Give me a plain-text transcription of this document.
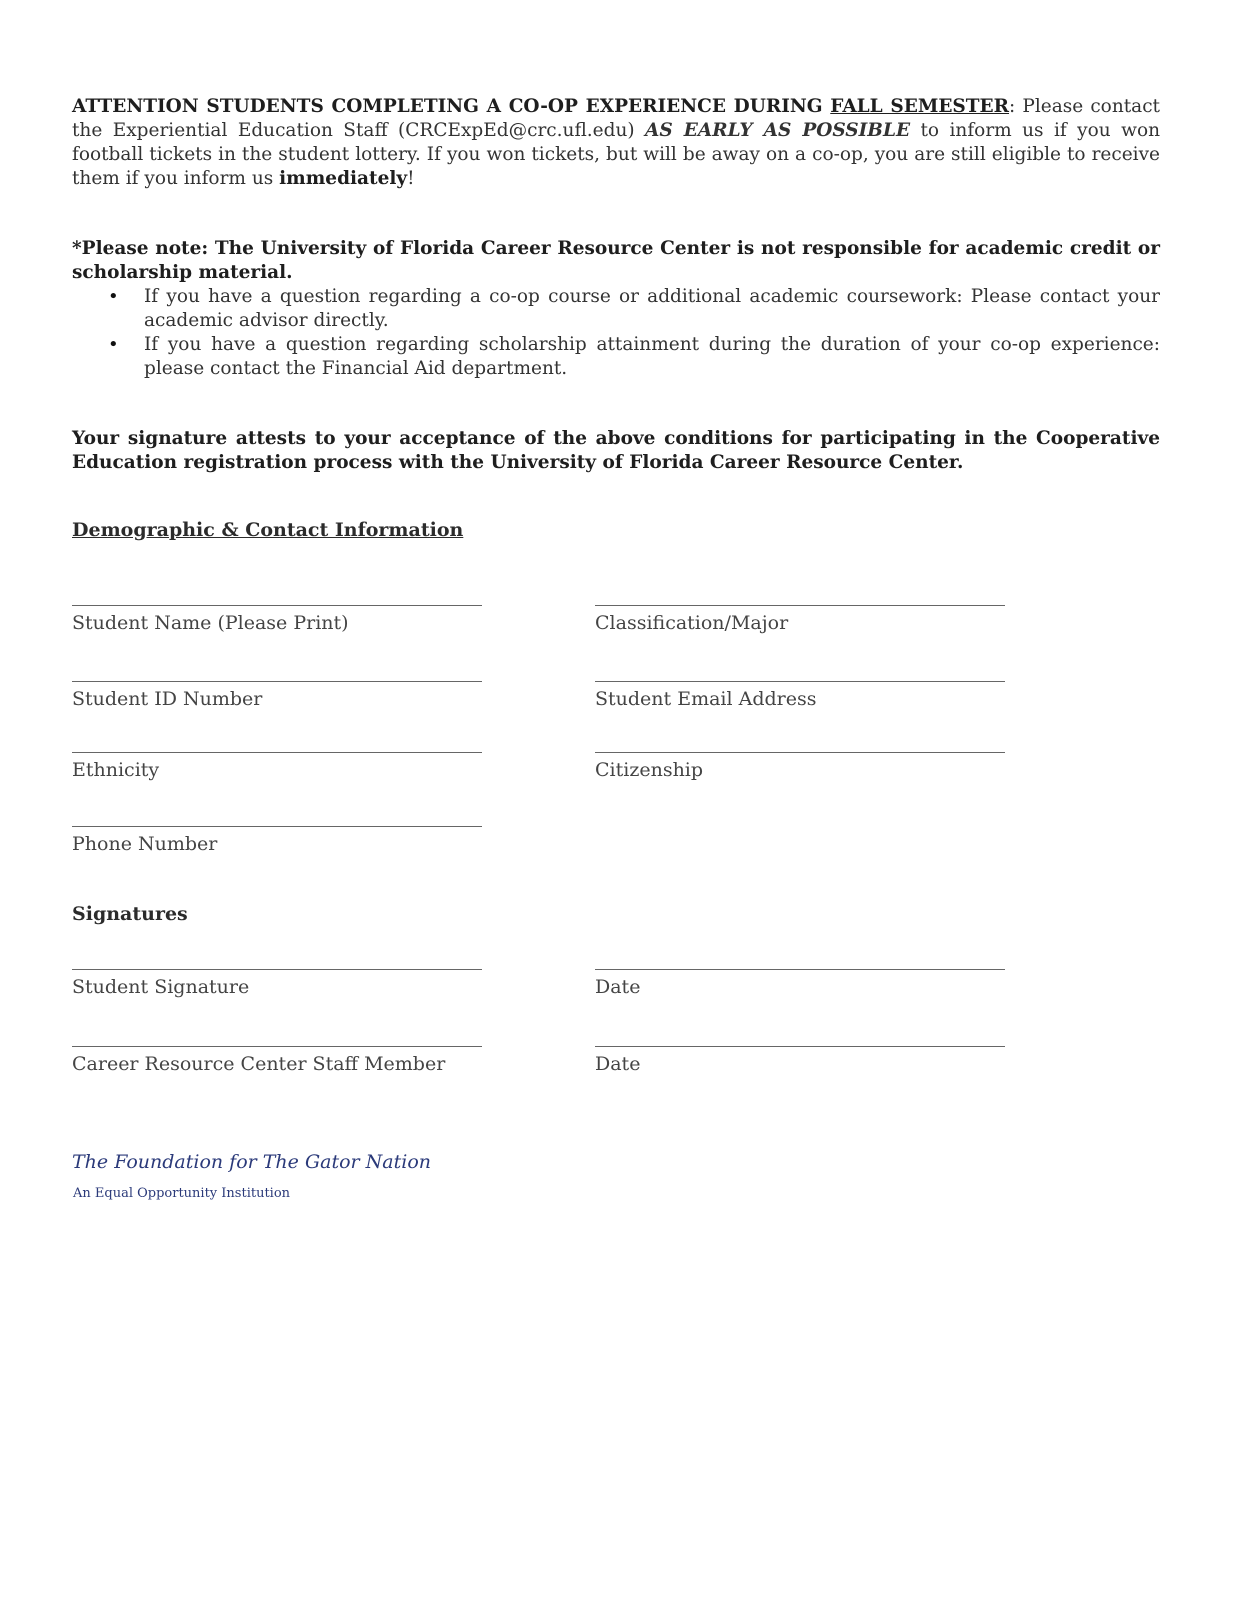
ATTENTION STUDENTS COMPLETING A CO-OP EXPERIENCE DURING FALL SEMESTER: Please contact the Experiential Education Staff (CRCExpEd@crc.ufl.edu) AS EARLY AS POSSIBLE to inform us if you won football tickets in the student lottery. If you won tickets, but will be away on a co-op, you are still eligible to receive them if you inform us immediately!

*Please note: The University of Florida Career Resource Center is not responsible for academic credit or scholarship material.

• If you have a question regarding a co-op course or additional academic coursework: Please contact your academic advisor directly.
• If you have a question regarding scholarship attainment during the duration of your co-op experience: please contact the Financial Aid department.

Your signature attests to your acceptance of the above conditions for participating in the Cooperative Education registration process with the University of Florida Career Resource Center.

Demographic & Contact Information
Student Name (Please Print)	Classification/Major
Student ID Number	Student Email Address
Ethnicity	Citizenship
Phone Number
Signatures
Student Signature	Date
Career Resource Center Staff Member	Date
The Foundation for The Gator Nation
An Equal Opportunity Institution
